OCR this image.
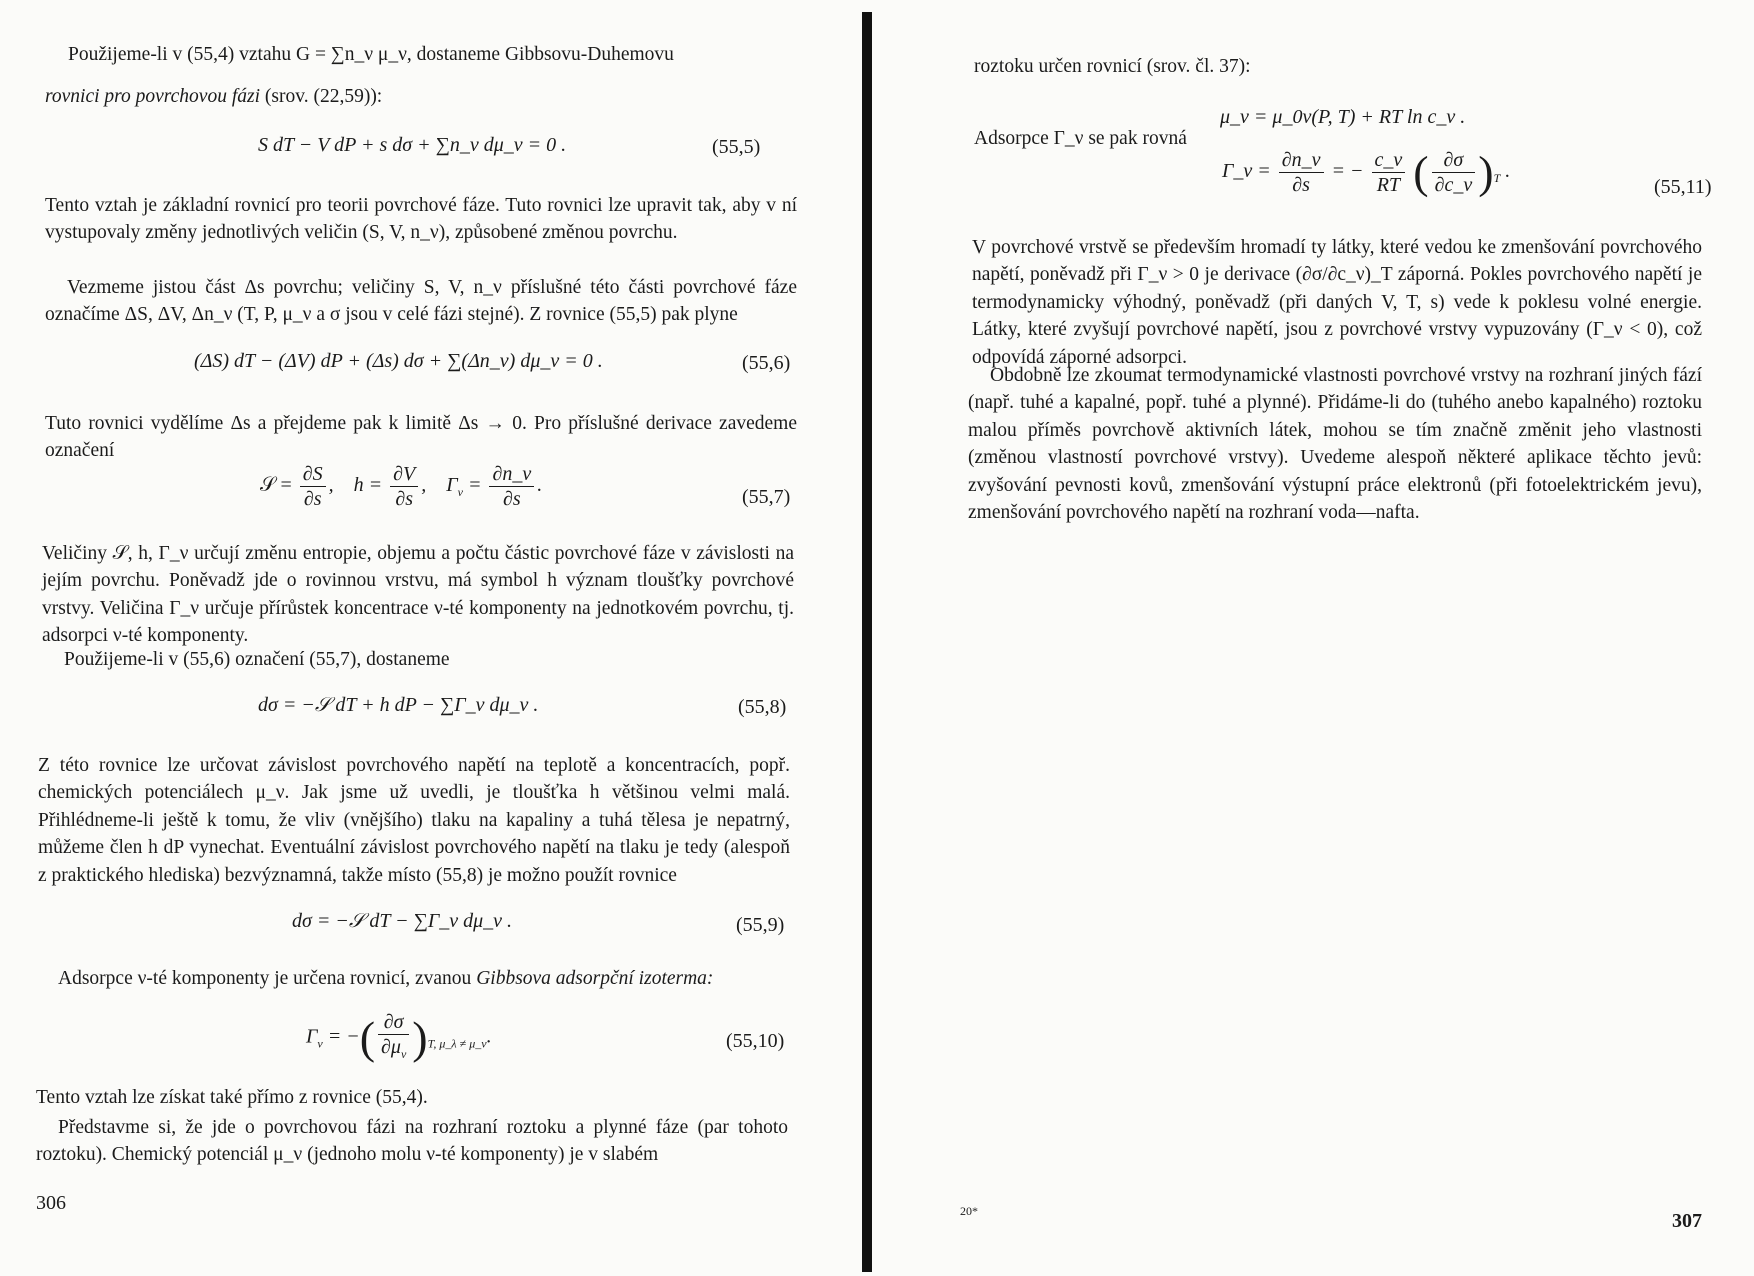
Použijeme-li v (55,4) vztahu G = ∑n_ν μ_ν, dostaneme Gibbsovu-Duhemovu
rovnici pro povrchovou fázi (srov. (22,59)):
S dT − V dP + s dσ + ∑n_ν dμ_ν = 0 .	(55,5)

Tento vztah je základní rovnicí pro teorii povrchové fáze. Tuto rovnici lze upravit tak, aby v ní vystupovaly změny jednotlivých veličin (S, V, n_ν), způsobené změnou povrchu.

Vezmeme jistou část Δs povrchu; veličiny S, V, n_ν příslušné této části povrchové fáze označíme ΔS, ΔV, Δn_ν (T, P, μ_ν a σ jsou v celé fázi stejné). Z rovnice (55,5) pak plyne

(ΔS) dT − (ΔV) dP + (Δs) dσ + ∑(Δn_ν) dμ_ν = 0 .	(55,6)

Tuto rovnici vydělíme Δs a přejdeme pak k limitě Δs → 0. Pro příslušné derivace zavedeme označení

𝒮 = $\frac{\partial S}{\partial s}$ ,    $h = \frac{\partial V}{\partial s}$ ,    $\Gamma_\nu = \frac{\partial n\_\nu}{\partial s}$ .
(55,7)

Veličiny 𝒮, h, Γ_ν určují změnu entropie, objemu a počtu částic povrchové fáze v závislosti na jejím povrchu. Poněvadž jde o rovinnou vrstvu, má symbol h význam tloušťky povrchové vrstvy. Veličina Γ_ν určuje přírůstek koncentrace ν-té komponenty na jednotkovém povrchu, tj. adsorpci ν-té komponenty.

Použijeme-li v (55,6) označení (55,7), dostaneme

dσ = −𝒮 dT + h dP − ∑Γ_ν dμ_ν .	(55,8)

Z této rovnice lze určovat závislost povrchového napětí na teplotě a koncentracích, popř. chemických potenciálech μ_ν. Jak jsme už uvedli, je tloušťka h většinou velmi malá. Přihlédneme-li ještě k tomu, že vliv (vnějšího) tlaku na kapaliny a tuhá tělesa je nepatrný, můžeme člen h dP vynechat. Eventuální závislost povrchového napětí na tlaku je tedy (alespoň z praktického hlediska) bezvýznamná, takže místo (55,8) je možno použít rovnice

dσ = −𝒮 dT − ∑Γ_ν dμ_ν .	(55,9)
Adsorpce ν-té komponenty je určena rovnicí, zvanou Gibbsova adsorpční izoterma:
$\Gamma_\nu$ = −( $\frac{\partial\sigma}{\partial\mu_\nu} )_{T, \mu\_\lambda \ne \mu\_\nu}$.	(55,10)

Tento vztah lze získat také přímo z rovnice (55,4).

Představme si, že jde o povrchovou fázi na rozhraní roztoku a plynné fáze (par tohoto roztoku). Chemický potenciál μ_ν (jednoho molu ν-té komponenty) je v slabém

306
roztoku určen rovnicí (srov. čl. 37):
μ_ν = μ_0ν(P, T) + RT ln c_ν .
Adsorpce Γ_ν se pak rovná
Γ_ν = $\frac{\partial n\_\nu}{\partial s}$ = − $\frac{c\_\nu}{RT}$ ( $\frac{\partial\sigma}{\partial c\_\nu} )_T$ .
(55,11)

V povrchové vrstvě se především hromadí ty látky, které vedou ke zmenšování povrchového napětí, poněvadž při Γ_ν > 0 je derivace (∂σ/∂c_ν)_T záporná. Pokles povrchového napětí je termodynamicky výhodný, poněvadž (při daných V, T, s) vede k poklesu volné energie. Látky, které zvyšují povrchové napětí, jsou z povrchové vrstvy vypuzovány (Γ_ν < 0), což odpovídá záporné adsorpci.

Obdobně lze zkoumat termodynamické vlastnosti povrchové vrstvy na rozhraní jiných fází (např. tuhé a kapalné, popř. tuhé a plynné). Přidáme-li do (tuhého anebo kapalného) roztoku malou příměs povrchově aktivních látek, mohou se tím značně změnit jeho vlastnosti (změnou vlastností povrchové vrstvy). Uvedeme alespoň některé aplikace těchto jevů: zvyšování pevnosti kovů, zmenšování výstupní práce elektronů (při fotoelektrickém jevu), zmenšování povrchového napětí na rozhraní voda—nafta.

20*	307
